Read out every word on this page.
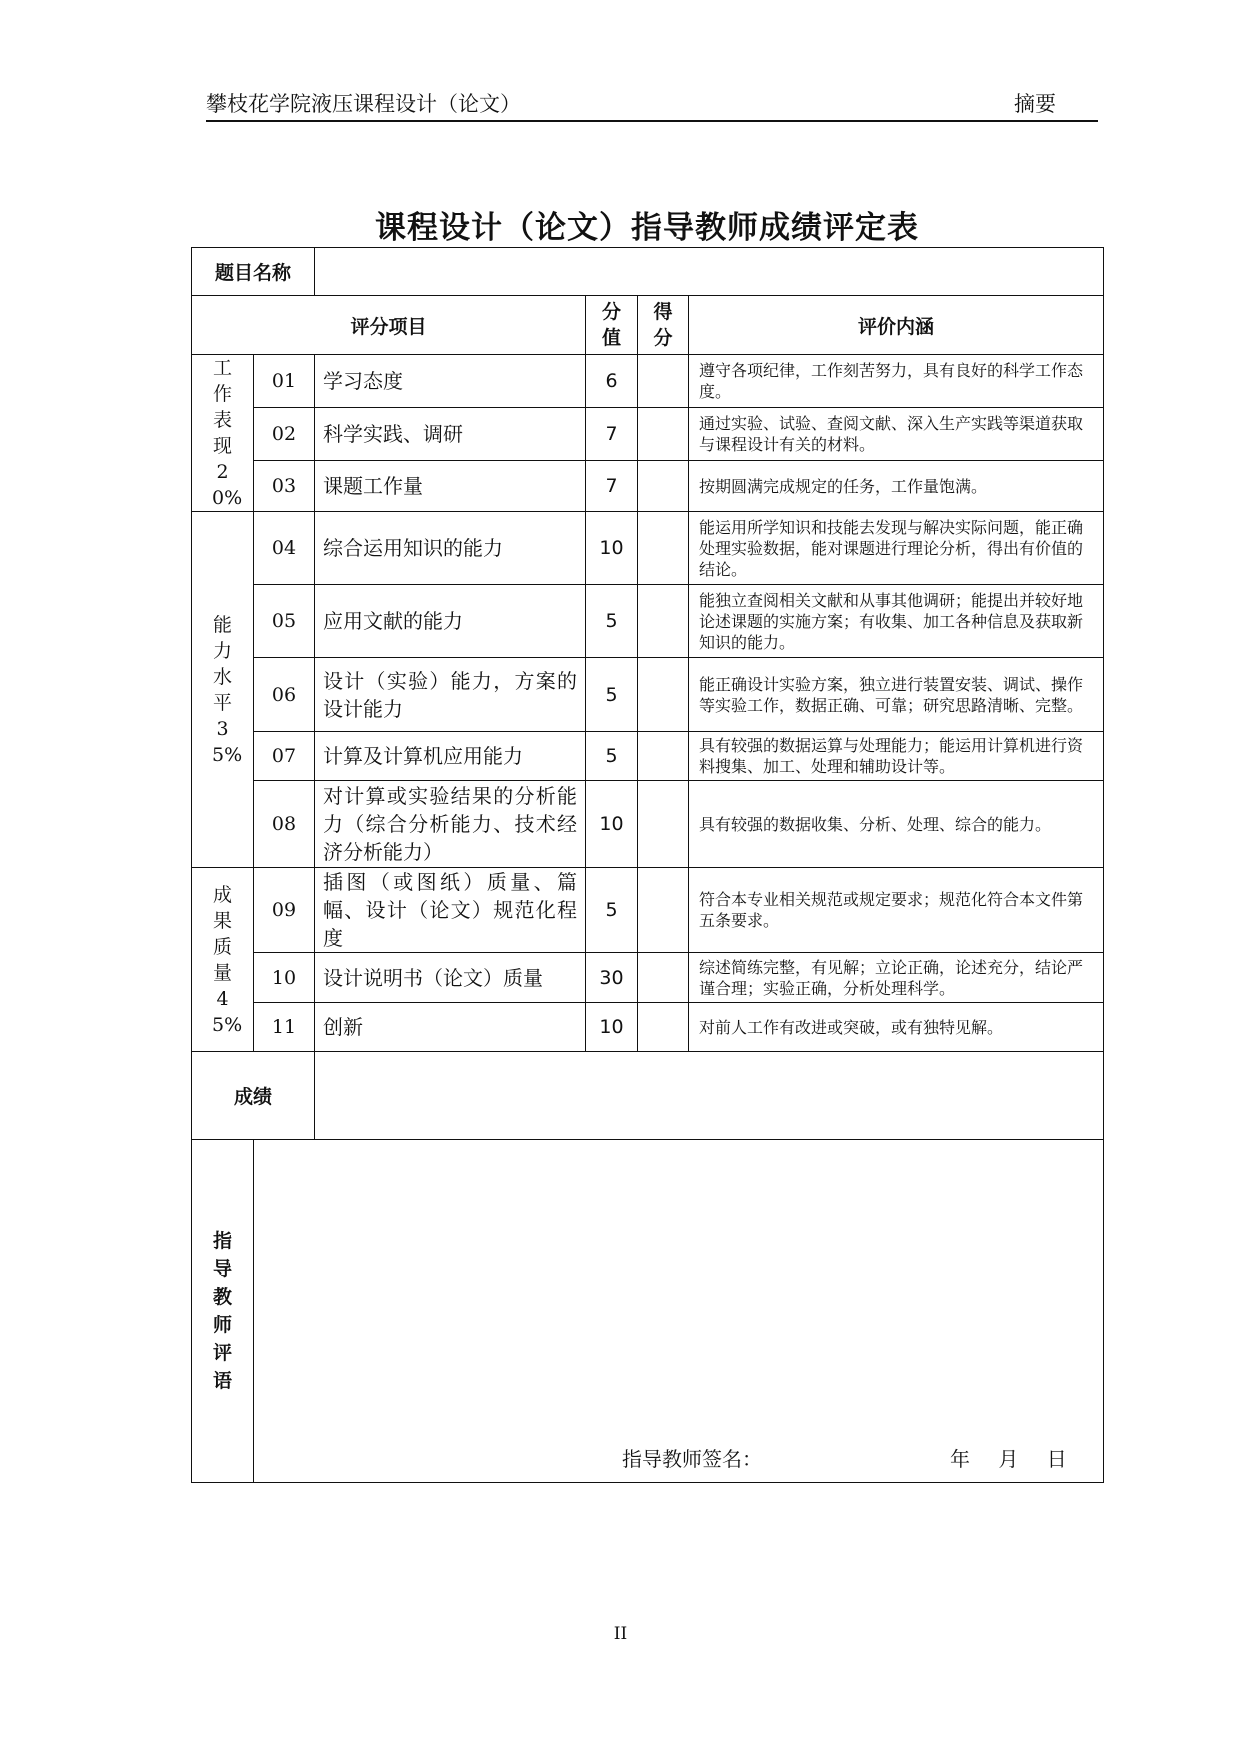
攀枝花学院液压课程设计（论文）	摘要
课程设计（论文）指导教师成绩评定表
题目名称					
评分项目			分值	得分	评价内涵

工作表现20%	01	学习态度	6		遵守各项纪律，工作刻苦努力，具有良好的科学工作态度。
	02	科学实践、调研	7		通过实验、试验、查阅文献、深入生产实践等渠道获取与课程设计有关的材料。
	03	课题工作量	7		按期圆满完成规定的任务，工作量饱满。

能力水平35%	04	综合运用知识的能力	10		能运用所学知识和技能去发现与解决实际问题，能正确处理实验数据，能对课题进行理论分析，得出有价值的结论。
	05	应用文献的能力	5		能独立查阅相关文献和从事其他调研；能提出并较好地论述课题的实施方案；有收集、加工各种信息及获取新知识的能力。
	06	设计（实验）能力，方案的设计能力	5		能正确设计实验方案，独立进行装置安装、调试、操作等实验工作，数据正确、可靠；研究思路清晰、完整。
	07	计算及计算机应用能力	5		具有较强的数据运算与处理能力；能运用计算机进行资料搜集、加工、处理和辅助设计等。
	08	对计算或实验结果的分析能力（综合分析能力、技术经济分析能力）	10		具有较强的数据收集、分析、处理、综合的能力。

成果质量45%	09	插图（或图纸）质量、篇幅、设计（论文）规范化程度	5		符合本专业相关规范或规定要求；规范化符合本文件第五条要求。
	10	设计说明书（论文）质量	30		综述简练完整，有见解；立论正确，论述充分，结论严谨合理；实验正确，分析处理科学。
	11	创新	10		对前人工作有改进或突破，或有独特见解。
成绩					

指导教师评语					

指导教师签名：	年 月 日
II
